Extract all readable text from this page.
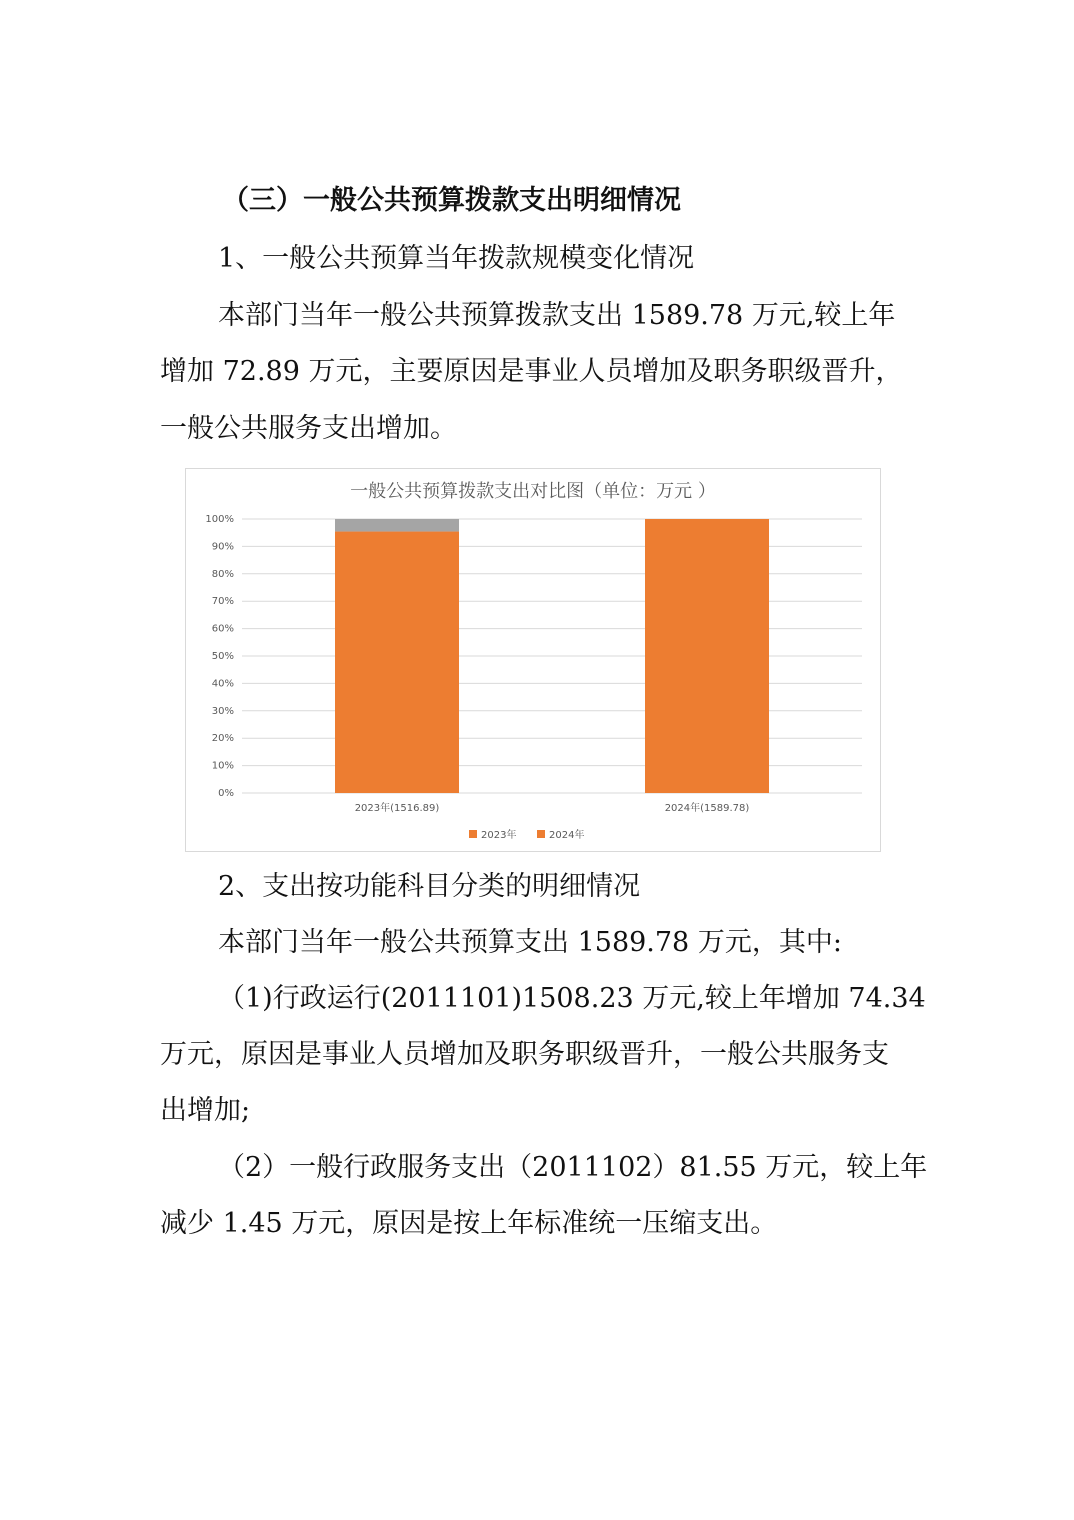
（三）一般公共预算拨款支出明细情况
1、一般公共预算当年拨款规模变化情况
本部门当年一般公共预算拨款支出 1589.78 万元,较上年
增加 72.89 万元，主要原因是事业人员增加及职务职级晋升，
一般公共服务支出增加。
一般公共预算拨款支出对比图（单位：万元 ）
0%
10%
20%
30%
40%
50%
60%
70%
80%
90%
100%
2023年(1516.89)	2024年(1589.78)
2023年	2024年
2、支出按功能科目分类的明细情况
本部门当年一般公共预算支出 1589.78 万元，其中:
（1)行政运行(2011101)1508.23 万元,较上年增加 74.34
万元，原因是事业人员增加及职务职级晋升，一般公共服务支
出增加;
（2）一般行政服务支出（2011102）81.55 万元，较上年
减少 1.45 万元，原因是按上年标准统一压缩支出。
